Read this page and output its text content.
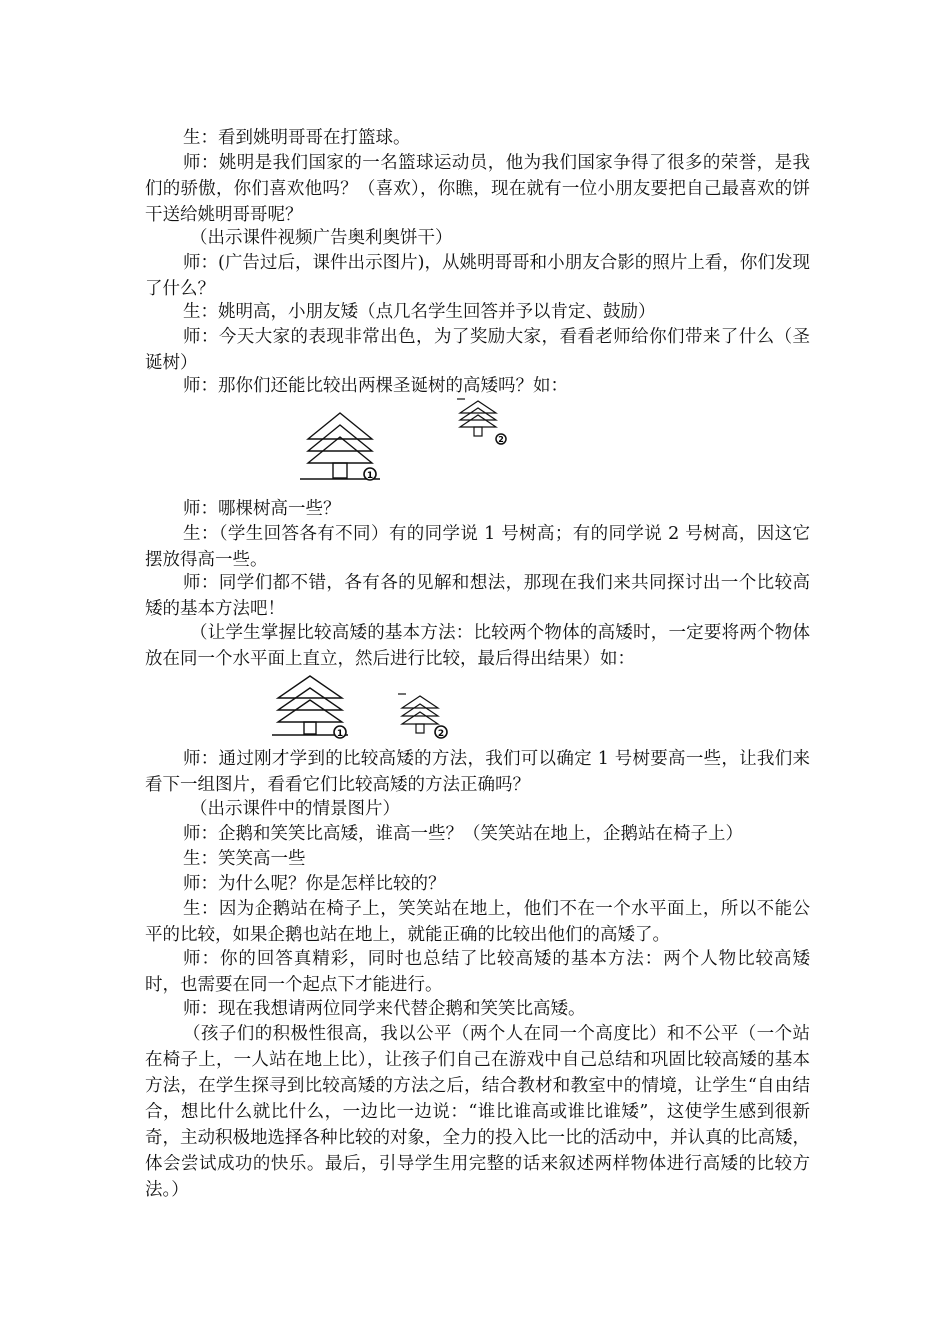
生：看到姚明哥哥在打篮球。

师：姚明是我们国家的一名篮球运动员，他为我们国家争得了很多的荣誉，是我们的骄傲，你们喜欢他吗？（喜欢），你瞧，现在就有一位小朋友要把自己最喜欢的饼干送给姚明哥哥呢？

（出示课件视频广告奥利奥饼干）

师：(广告过后，课件出示图片)，从姚明哥哥和小朋友合影的照片上看，你们发现了什么？

生：姚明高，小朋友矮（点几名学生回答并予以肯定、鼓励）

师：今天大家的表现非常出色，为了奖励大家，看看老师给你们带来了什么（圣诞树）

师：那你们还能比较出两棵圣诞树的高矮吗？如：

1
2

师：哪棵树高一些？

生：（学生回答各有不同）有的同学说 1 号树高；有的同学说 2 号树高，因这它摆放得高一些。

师：同学们都不错，各有各的见解和想法，那现在我们来共同探讨出一个比较高矮的基本方法吧！

（让学生掌握比较高矮的基本方法：比较两个物体的高矮时，一定要将两个物体放在同一个水平面上直立，然后进行比较，最后得出结果）如：

1	2

师：通过刚才学到的比较高矮的方法，我们可以确定 1 号树要高一些，让我们来看下一组图片，看看它们比较高矮的方法正确吗？

（出示课件中的情景图片）

师：企鹅和笑笑比高矮，谁高一些？（笑笑站在地上，企鹅站在椅子上）

生：笑笑高一些

师：为什么呢？你是怎样比较的？

生：因为企鹅站在椅子上，笑笑站在地上，他们不在一个水平面上，所以不能公平的比较，如果企鹅也站在地上，就能正确的比较出他们的高矮了。

师：你的回答真精彩，同时也总结了比较高矮的基本方法：两个人物比较高矮时，也需要在同一个起点下才能进行。

师：现在我想请两位同学来代替企鹅和笑笑比高矮。

（孩子们的积极性很高，我以公平（两个人在同一个高度比）和不公平（一个站在椅子上，一人站在地上比），让孩子们自己在游戏中自己总结和巩固比较高矮的基本方法，在学生探寻到比较高矮的方法之后，结合教材和教室中的情境，让学生“自由结合，想比什么就比什么，一边比一边说：“谁比谁高或谁比谁矮”，这使学生感到很新奇，主动积极地选择各种比较的对象，全力的投入比一比的活动中，并认真的比高矮，体会尝试成功的快乐。最后，引导学生用完整的话来叙述两样物体进行高矮的比较方法。）
